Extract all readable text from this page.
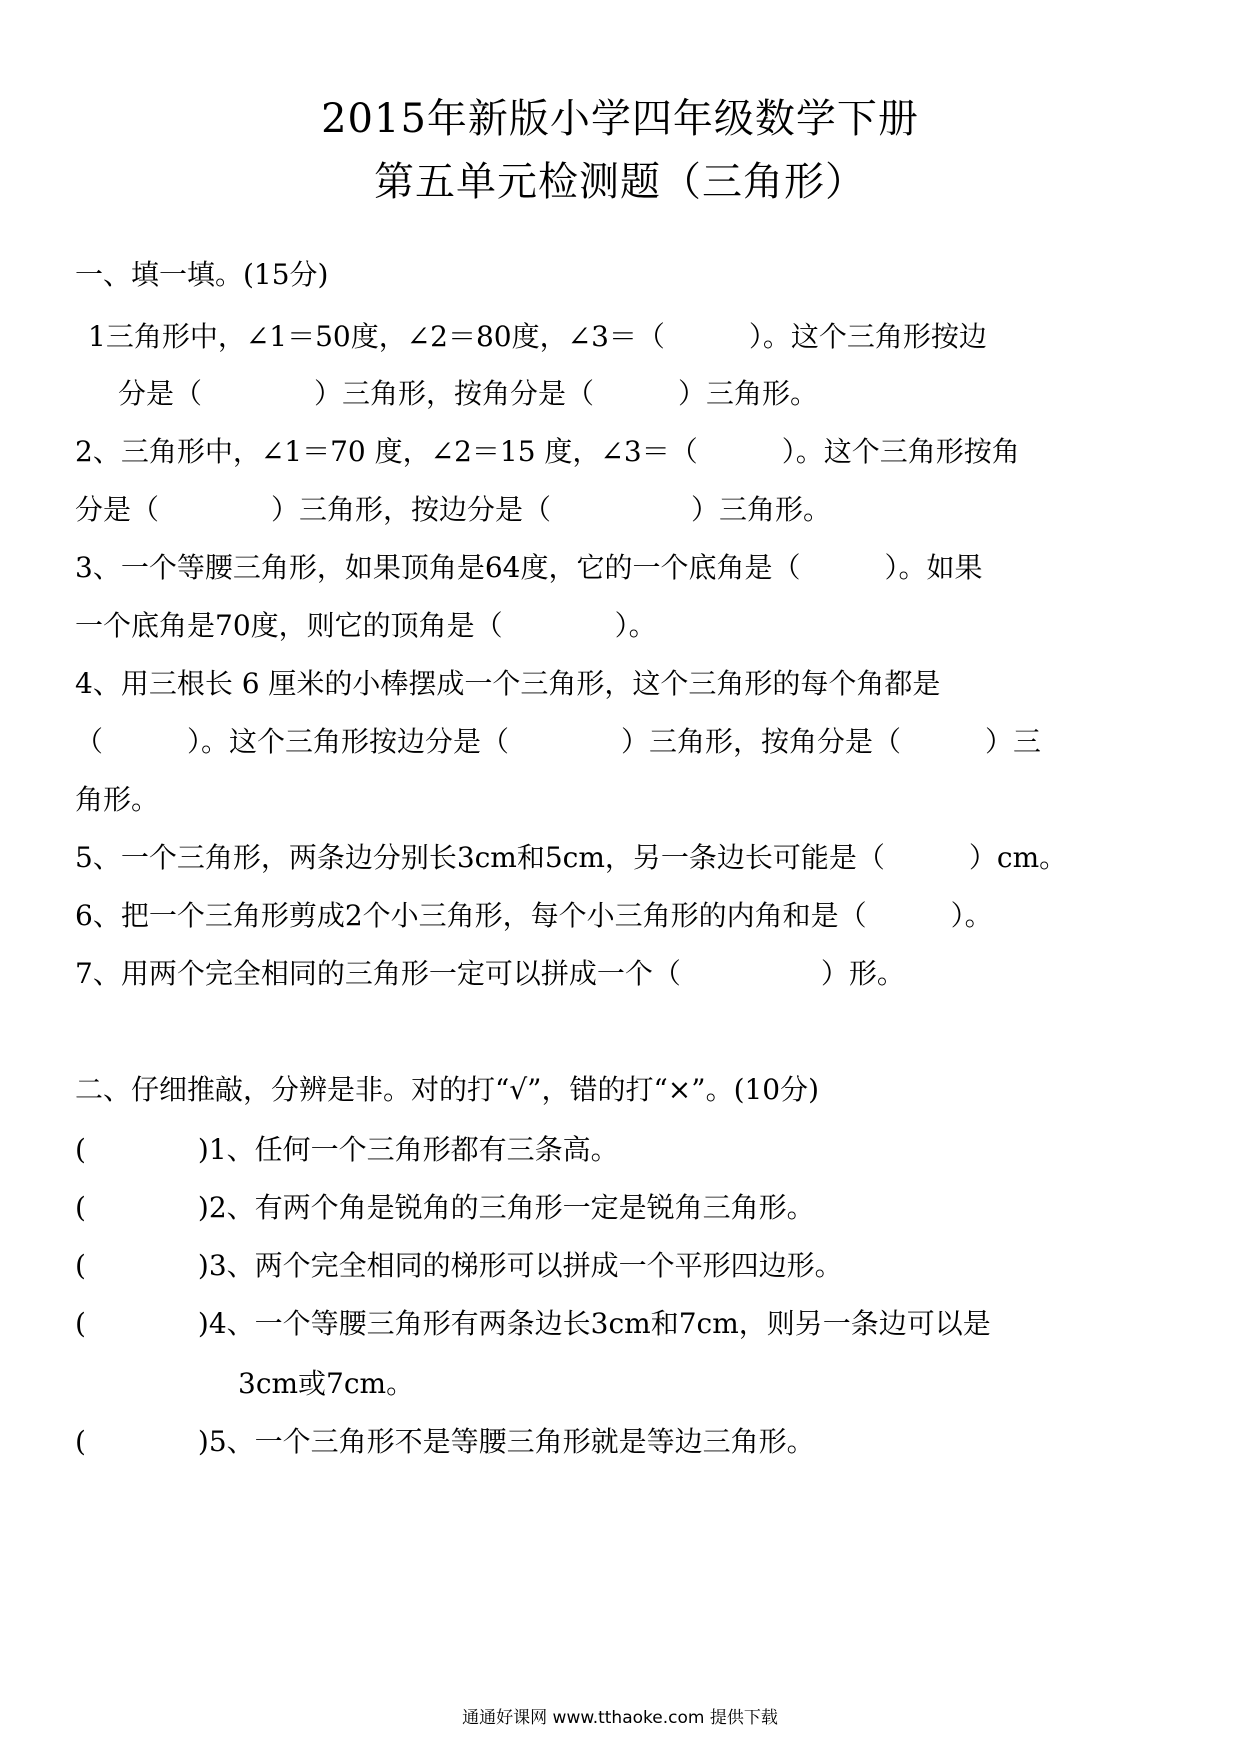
2015年新版小学四年级数学下册
第五单元检测题（三角形）
一、填一填。(15分)
1三角形中，∠1＝50度，∠2＝80度，∠3＝（　　　）。这个三角形按边
分是（　　　　）三角形，按角分是（　　　）三角形。
2、三角形中，∠1＝70 度，∠2＝15 度，∠3＝（　　　）。这个三角形按角
分是（　　　　）三角形，按边分是（　　　　　）三角形。
3、一个等腰三角形，如果顶角是64度，它的一个底角是（　　　）。如果
一个底角是70度，则它的顶角是（　　　　）。
4、用三根长 6 厘米的小棒摆成一个三角形，这个三角形的每个角都是
（　　　）。这个三角形按边分是（　　　　）三角形，按角分是（　　　）三
角形。
5、一个三角形，两条边分别长3cm和5cm，另一条边长可能是（　　　）cm。
6、把一个三角形剪成2个小三角形，每个小三角形的内角和是（　　　）。
7、用两个完全相同的三角形一定可以拼成一个（　　　　　）形。
二、仔细推敲，分辨是非。对的打“√”，错的打“×”。(10分)
(　　　　)1、任何一个三角形都有三条高。
(　　　　)2、有两个角是锐角的三角形一定是锐角三角形。
(　　　　)3、两个完全相同的梯形可以拼成一个平形四边形。
(　　　　)4、一个等腰三角形有两条边长3cm和7cm，则另一条边可以是
3cm或7cm。
(　　　　)5、一个三角形不是等腰三角形就是等边三角形。
通通好课网 www.tthaoke.com 提供下载
